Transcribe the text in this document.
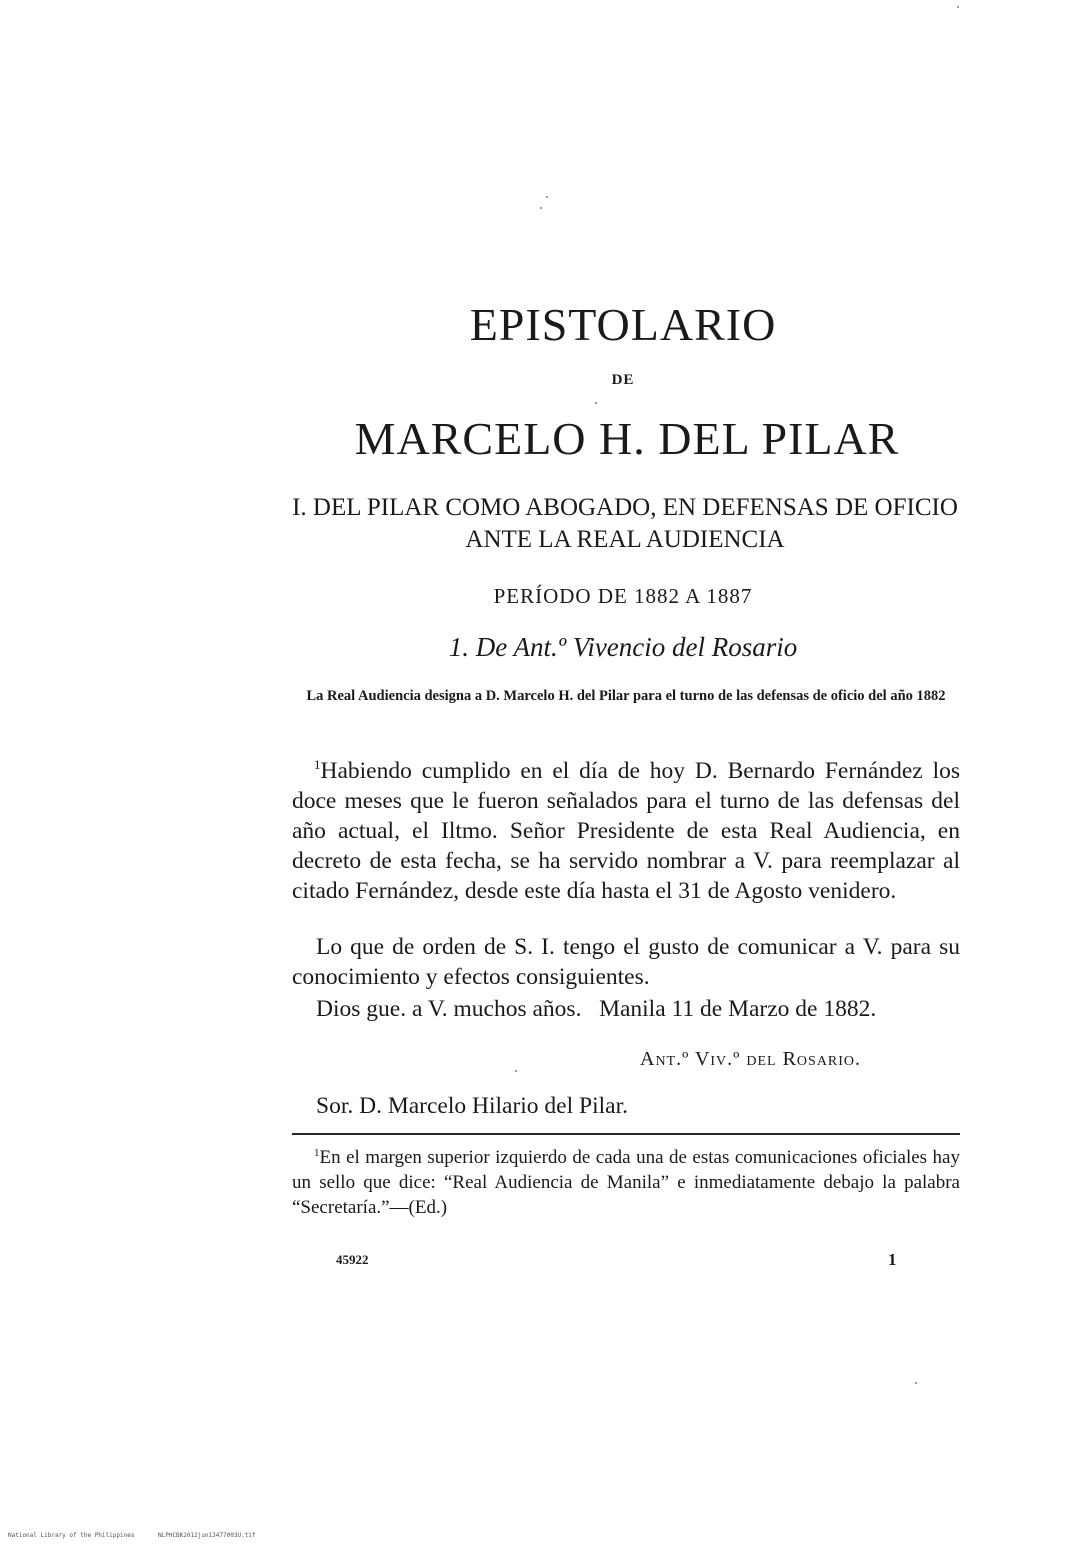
EPISTOLARIO
DE
MARCELO H. DEL PILAR
I. DEL PILAR COMO ABOGADO, EN DEFENSAS DE OFICIO ANTE LA REAL AUDIENCIA
PERÍODO DE 1882 A 1887
1. De Ant.º Vivencio del Rosario
La Real Audiencia designa a D. Marcelo H. del Pilar para el turno de las defensas de oficio del año 1882
$^1$Habiendo cumplido en el día de hoy D. Bernardo Fernández los doce meses que le fueron señalados para el turno de las defensas del año actual, el Iltmo. Señor Presidente de esta Real Audiencia, en decreto de esta fecha, se ha servido nombrar a V. para reemplazar al citado Fernández, desde este día hasta el 31 de Agosto venidero.
Lo que de orden de S. I. tengo el gusto de comunicar a V. para su conocimiento y efectos consiguientes.
Dios gue. a V. muchos años.   Manila 11 de Marzo de 1882.
Ant.º Viv.º del Rosario.
Sor. D. Marcelo Hilario del Pilar.
$^1$En el margen superior izquierdo de cada una de estas comunicaciones oficiales hay un sello que dice: “Real Audiencia de Manila” e inmediatamente debajo la palabra “Secretaría.”—(Ed.)
45922	1
National Library of the Philippines	NLPHCBK2012jun13477003U.tif
